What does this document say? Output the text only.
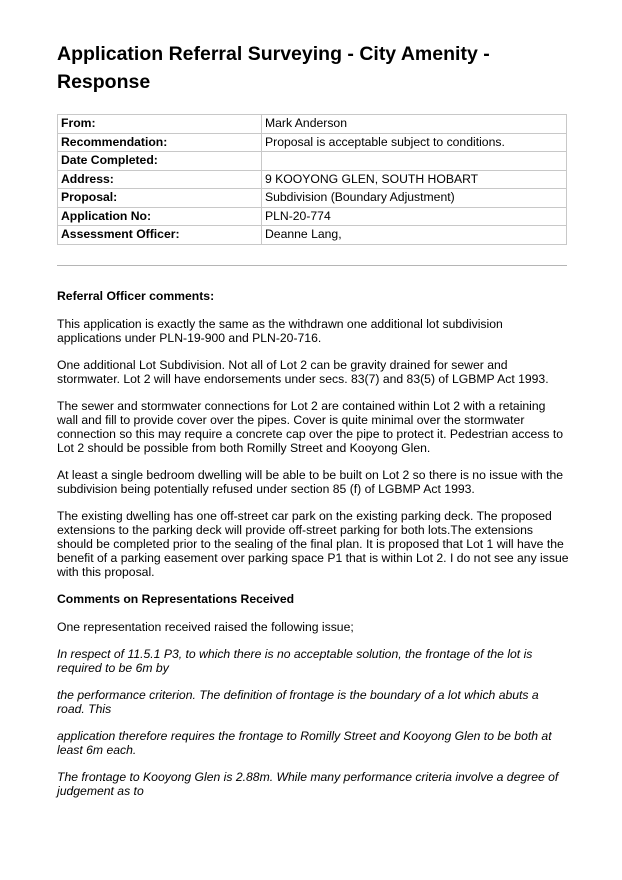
Application Referral Surveying - City Amenity - Response
From:	Mark Anderson
Recommendation:	Proposal is acceptable subject to conditions.
Date Completed:	
Address:	9 KOOYONG GLEN, SOUTH HOBART
Proposal:	Subdivision (Boundary Adjustment)
Application No:	PLN-20-774
Assessment Officer:	Deanne Lang,
Referral Officer comments:

This application is exactly the same as the withdrawn one additional lot subdivision applications under PLN-19-900 and PLN-20-716.

One additional Lot Subdivision. Not all of Lot 2 can be gravity drained for sewer and stormwater. Lot 2 will have endorsements under secs. 83(7) and 83(5) of LGBMP Act 1993.

The sewer and stormwater connections for Lot 2 are contained within Lot 2 with a retaining wall and fill to provide cover over the pipes. Cover is quite minimal over the stormwater connection so this may require a concrete cap over the pipe to protect it. Pedestrian access to Lot 2 should be possible from both Romilly Street and Kooyong Glen.

At least a single bedroom dwelling will be able to be built on Lot 2 so there is no issue with the subdivision being potentially refused under section 85 (f) of LGBMP Act 1993.

The existing dwelling has one off-street car park on the existing parking deck. The proposed extensions to the parking deck will provide off-street parking for both lots.The extensions should be completed prior to the sealing of the final plan. It is proposed that Lot 1 will have the benefit of a parking easement over parking space P1 that is within Lot 2. I do not see any issue with this proposal.

Comments on Representations Received

One representation received raised the following issue;

In respect of 11.5.1 P3, to which there is no acceptable solution, the frontage of the lot is required to be 6m by

the performance criterion. The definition of frontage is the boundary of a lot which abuts a road. This

application therefore requires the frontage to Romilly Street and Kooyong Glen to be both at least 6m each.

The frontage to Kooyong Glen is 2.88m. While many performance criteria involve a degree of judgement as to
